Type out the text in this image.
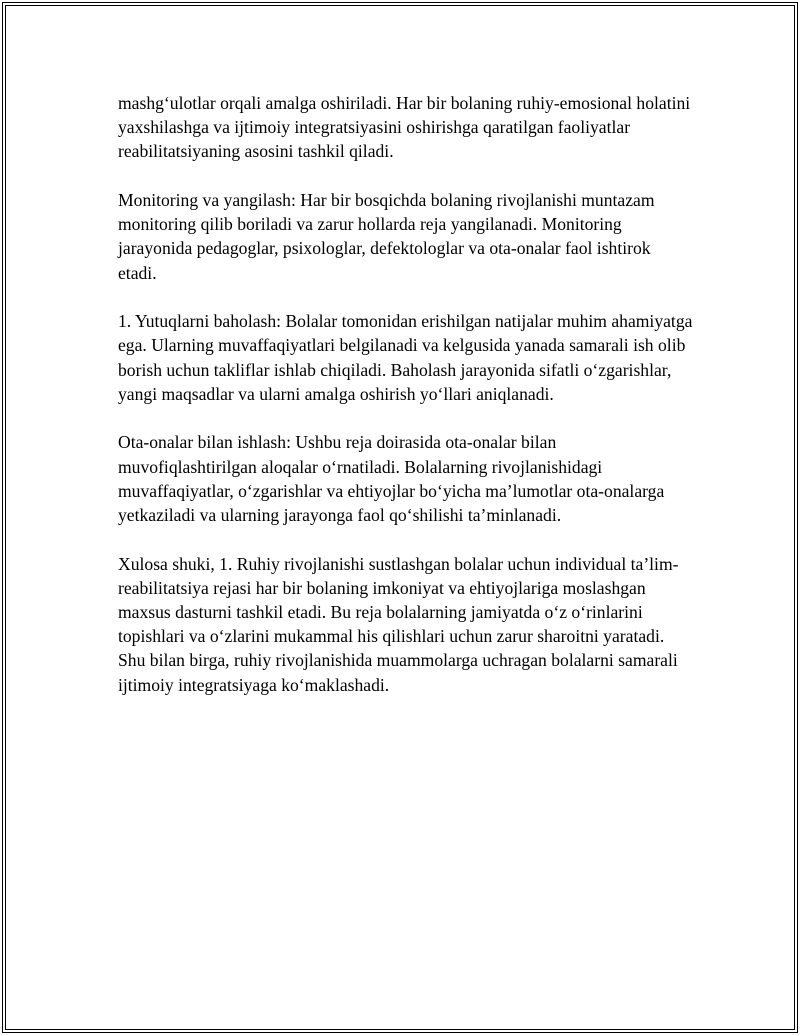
mashg‘ulotlar orqali amalga oshiriladi. Har bir bolaning ruhiy-emosional holatini yaxshilashga va ijtimoiy integratsiyasini oshirishga qaratilgan faoliyatlar reabilitatsiyaning asosini tashkil qiladi.

Monitoring va yangilash: Har bir bosqichda bolaning rivojlanishi muntazam monitoring qilib boriladi va zarur hollarda reja yangilanadi. Monitoring jarayonida pedagoglar, psixologlar, defektologlar va ota-onalar faol ishtirok etadi.

1. Yutuqlarni baholash: Bolalar tomonidan erishilgan natijalar muhim ahamiyatga ega. Ularning muvaffaqiyatlari belgilanadi va kelgusida yanada samarali ish olib borish uchun takliflar ishlab chiqiladi. Baholash jarayonida sifatli o‘zgarishlar, yangi maqsadlar va ularni amalga oshirish yo‘llari aniqlanadi.

Ota-onalar bilan ishlash: Ushbu reja doirasida ota-onalar bilan muvofiqlashtirilgan aloqalar o‘rnatiladi. Bolalarning rivojlanishidagi muvaffaqiyatlar, o‘zgarishlar va ehtiyojlar bo‘yicha ma’lumotlar ota-onalarga yetkaziladi va ularning jarayonga faol qo‘shilishi ta’minlanadi.

Xulosa shuki, 1. Ruhiy rivojlanishi sustlashgan bolalar uchun individual ta’lim-reabilitatsiya rejasi har bir bolaning imkoniyat va ehtiyojlariga moslashgan maxsus dasturni tashkil etadi. Bu reja bolalarning jamiyatda o‘z o‘rinlarini topishlari va o‘zlarini mukammal his qilishlari uchun zarur sharoitni yaratadi. Shu bilan birga, ruhiy rivojlanishida muammolarga uchragan bolalarni samarali ijtimoiy integratsiyaga ko‘maklashadi.
